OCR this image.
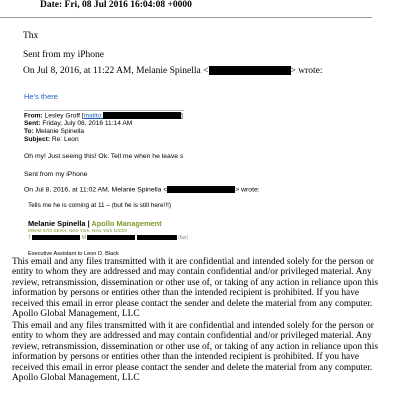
Date: Fri, 08 Jul 2016 16:04:08 +0000
Thx
Sent from my iPhone
On Jul 8, 2016, at 11:22 AM, Melanie Spinella <	> wrote:
He's there
From: Lesley Groff [mailto:	]
Sent: Friday, July 08, 2016 11:14 AM
To: Melanie Spinella
Subject: Re: Leon
Oh my! Just seeing this! Ok. Tell me when he leave s
Sent from my iPhone
On Jul 8, 2016, at 11:02 AM, Melanie Spinella <	> wrote:
Tells me he is coming at 11 – (but he is still here!!!)
Melanie Spinella | Apollo Management
9West 57th Street, New York, New York 10019
T	M	(fax)
Executive Assistant to Leon D. Black
This email and any files transmitted with it are confidential and intended solely for the person or entity to whom they are addressed and may contain confidential and/or privileged material. Any review, retransmission, dissemination or other use of, or taking of any action in reliance upon this information by persons or entities other than the intended recipient is prohibited. If you have received this email in error please contact the sender and delete the material from any computer. Apollo Global Management, LLC
This email and any files transmitted with it are confidential and intended solely for the person or entity to whom they are addressed and may contain confidential and/or privileged material. Any review, retransmission, dissemination or other use of, or taking of any action in reliance upon this information by persons or entities other than the intended recipient is prohibited. If you have received this email in error please contact the sender and delete the material from any computer. Apollo Global Management, LLC
